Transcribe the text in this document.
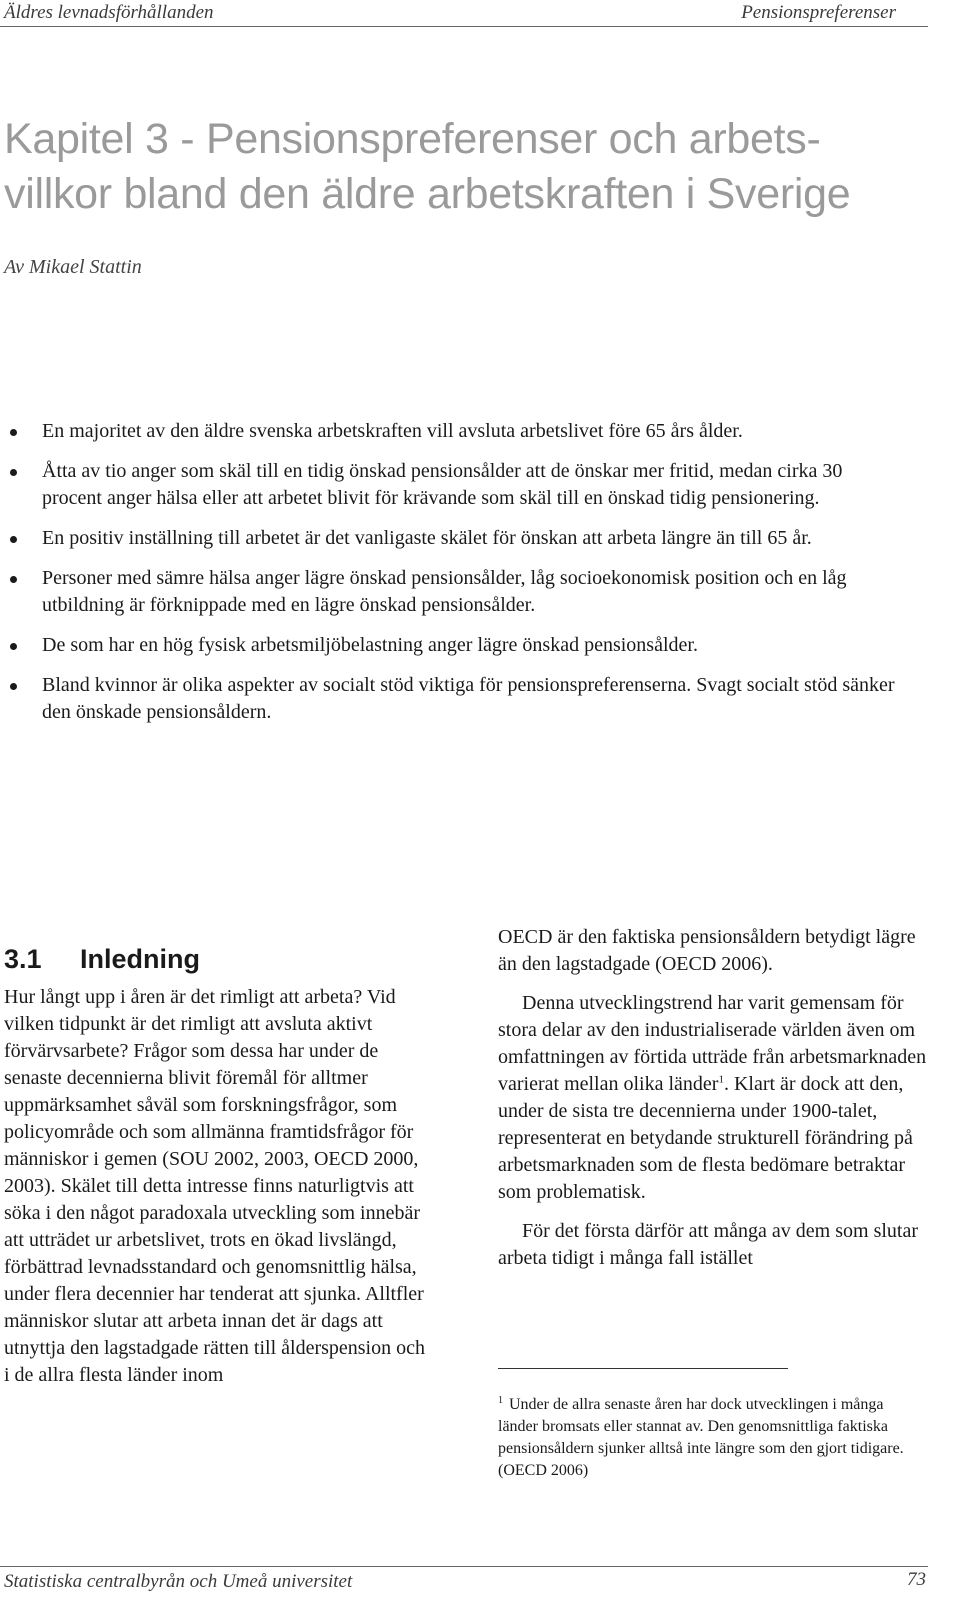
Äldres levnadsförhållanden	Pensionspreferenser
Kapitel 3 - Pensionspreferenser och arbets-
villkor bland den äldre arbetskraften i Sverige
Av Mikael Stattin
En majoritet av den äldre svenska arbetskraften vill avsluta arbetslivet före 65 års ålder.
Åtta av tio anger som skäl till en tidig önskad pensionsålder att de önskar mer fritid, medan cirka 30 procent anger hälsa eller att arbetet blivit för krävande som skäl till en önskad tidig pensionering.
En positiv inställning till arbetet är det vanligaste skälet för önskan att arbeta längre än till 65 år.
Personer med sämre hälsa anger lägre önskad pensionsålder, låg socioekonomisk position och en låg utbildning är förknippade med en lägre önskad pensionsålder.
De som har en hög fysisk arbetsmiljöbelastning anger lägre önskad pensionsålder.
Bland kvinnor är olika aspekter av socialt stöd viktiga för pensionspreferenserna. Svagt socialt stöd sänker den önskade pensionsåldern.
3.1 Inledning

Hur långt upp i åren är det rimligt att arbeta? Vid vilken tidpunkt är det rimligt att avsluta aktivt förvärvsarbete? Frågor som dessa har under de senaste decennierna blivit föremål för alltmer uppmärksamhet såväl som forskningsfrågor, som policyområde och som allmänna framtidsfrågor för människor i gemen (SOU 2002, 2003, OECD 2000, 2003). Skälet till detta intresse finns naturligtvis att söka i den något paradoxala utveckling som innebär att utträdet ur arbetslivet, trots en ökad livslängd, förbättrad levnadsstandard och genomsnittlig hälsa, under flera decennier har tenderat att sjunka. Alltfler människor slutar att arbeta innan det är dags att utnyttja den lagstadgade rätten till ålderspension och i de allra flesta länder inom

OECD är den faktiska pensionsåldern betydigt lägre än den lagstadgade (OECD 2006).

Denna utvecklingstrend har varit gemensam för stora delar av den industrialiserade världen även om omfattningen av förtida utträde från arbetsmarknaden varierat mellan olika länder$^1$. Klart är dock att den, under de sista tre decennierna under 1900-talet, representerat en betydande strukturell förändring på arbetsmarknaden som de flesta bedömare betraktar som problematisk.

För det första därför att många av dem som slutar arbeta tidigt i många fall istället

$^1$ Under de allra senaste åren har dock utvecklingen i många länder bromsats eller stannat av. Den genomsnittliga faktiska pensionsåldern sjunker alltså inte längre som den gjort tidigare. (OECD 2006)
Statistiska centralbyrån och Umeå universitet	73
